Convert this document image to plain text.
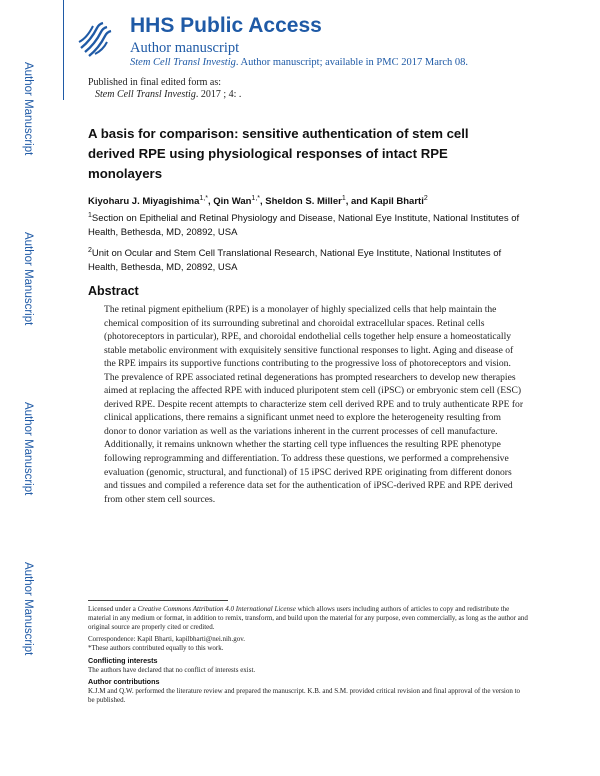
Author Manuscript
Author Manuscript
Author Manuscript
Author Manuscript
HHS Public Access
Author manuscript
Stem Cell Transl Investig. Author manuscript; available in PMC 2017 March 08.
Published in final edited form as:
Stem Cell Transl Investig. 2017 ; 4: .
A basis for comparison: sensitive authentication of stem cell derived RPE using physiological responses of intact RPE monolayers
Kiyoharu J. Miyagishima$^{1,*}$, Qin Wan$^{1,*}$, Sheldon S. Miller$^1$, and Kapil Bharti$^2$
$^1$Section on Epithelial and Retinal Physiology and Disease, National Eye Institute, National Institutes of Health, Bethesda, MD, 20892, USA
$^2$Unit on Ocular and Stem Cell Translational Research, National Eye Institute, National Institutes of Health, Bethesda, MD, 20892, USA
Abstract
The retinal pigment epithelium (RPE) is a monolayer of highly specialized cells that help maintain the chemical composition of its surrounding subretinal and choroidal extracellular spaces. Retinal cells (photoreceptors in particular), RPE, and choroidal endothelial cells together help ensure a homeostatically stable metabolic environment with exquisitely sensitive functional responses to light. Aging and disease of the RPE impairs its supportive functions contributing to the progressive loss of photoreceptors and vision. The prevalence of RPE associated retinal degenerations has prompted researchers to develop new therapies aimed at replacing the affected RPE with induced pluripotent stem cell (iPSC) or embryonic stem cell (ESC) derived RPE. Despite recent attempts to characterize stem cell derived RPE and to truly authenticate RPE for clinical applications, there remains a significant unmet need to explore the heterogeneity resulting from donor to donor variation as well as the variations inherent in the current processes of cell manufacture. Additionally, it remains unknown whether the starting cell type influences the resulting RPE phenotype following reprogramming and differentiation. To address these questions, we performed a comprehensive evaluation (genomic, structural, and functional) of 15 iPSC derived RPE originating from different donors and tissues and compiled a reference data set for the authentication of iPSC-derived RPE and RPE derived from other stem cell sources.
Licensed under a Creative Commons Attribution 4.0 International License which allows users including authors of articles to copy and redistribute the material in any medium or format, in addition to remix, transform, and build upon the material for any purpose, even commercially, as long as the author and original source are properly cited or credited.
Correspondence: Kapil Bharti, kapilbharti@nei.nih.gov.
*These authors contributed equally to this work.
Conflicting interests
The authors have declared that no conflict of interests exist.
Author contributions
K.J.M and Q.W. performed the literature review and prepared the manuscript. K.B. and S.M. provided critical revision and final approval of the version to be published.
